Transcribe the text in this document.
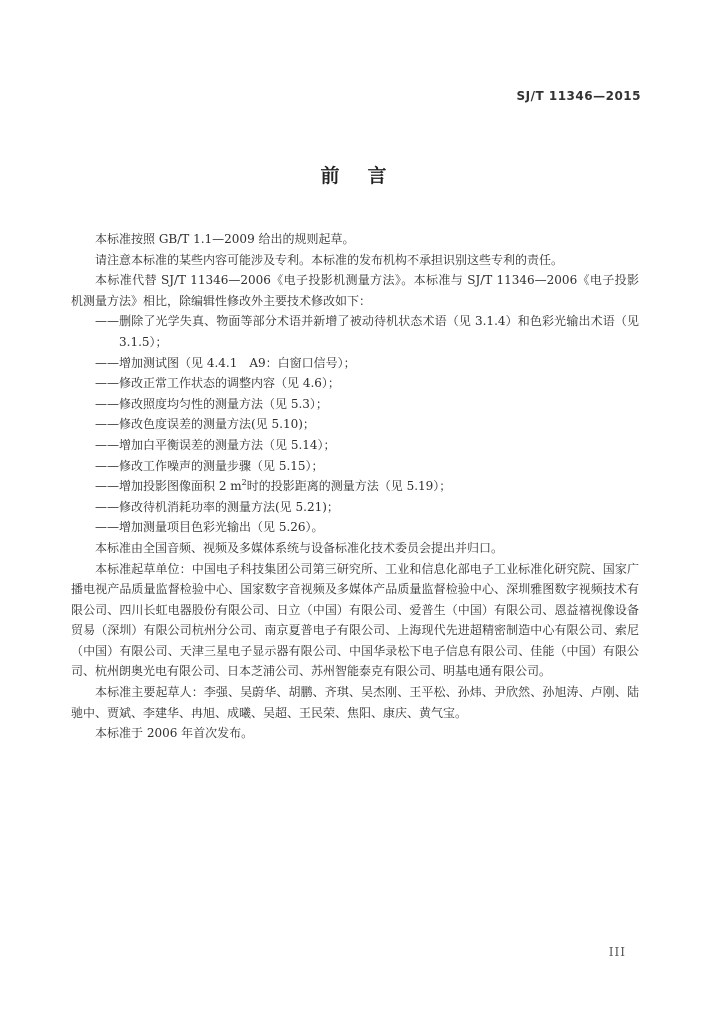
SJ/T 11346—2015
前言

本标准按照 GB/T 1.1—2009 给出的规则起草。

请注意本标准的某些内容可能涉及专利。本标准的发布机构不承担识别这些专利的责任。

本标准代替 SJ/T 11346—2006《电子投影机测量方法》。本标准与 SJ/T 11346—2006《电子投影机测量方法》相比，除编辑性修改外主要技术修改如下：

——删除了光学失真、物面等部分术语并新增了被动待机状态术语（见 3.1.4）和色彩光输出术语（见 3.1.5）；

——增加测试图（见 4.4.1　A9：白窗口信号）；

——修改正常工作状态的调整内容（见 4.6）；

——修改照度均匀性的测量方法（见 5.3）；

——修改色度误差的测量方法(见 5.10)；

——增加白平衡误差的测量方法（见 5.14）；

——修改工作噪声的测量步骤（见 5.15）；

——增加投影图像面积 2 $m^2$时的投影距离的测量方法（见 5.19）；

——修改待机消耗功率的测量方法(见 5.21)；

——增加测量项目色彩光输出（见 5.26）。

本标准由全国音频、视频及多媒体系统与设备标准化技术委员会提出并归口。

本标准起草单位：中国电子科技集团公司第三研究所、工业和信息化部电子工业标准化研究院、国家广播电视产品质量监督检验中心、国家数字音视频及多媒体产品质量监督检验中心、深圳雅图数字视频技术有限公司、四川长虹电器股份有限公司、日立（中国）有限公司、爱普生（中国）有限公司、恩益禧视像设备贸易（深圳）有限公司杭州分公司、南京夏普电子有限公司、上海现代先进超精密制造中心有限公司、索尼（中国）有限公司、天津三星电子显示器有限公司、中国华录松下电子信息有限公司、佳能（中国）有限公司、杭州朗奥光电有限公司、日本芝浦公司、苏州智能泰克有限公司、明基电通有限公司。

本标准主要起草人：李强、吴蔚华、胡鹏、齐琪、吴杰刚、王平松、孙炜、尹欣然、孙旭涛、卢刚、陆驰中、贾斌、李建华、冉旭、成曦、吴超、王民荣、焦阳、康庆、黄气宝。

本标准于 2006 年首次发布。

III
